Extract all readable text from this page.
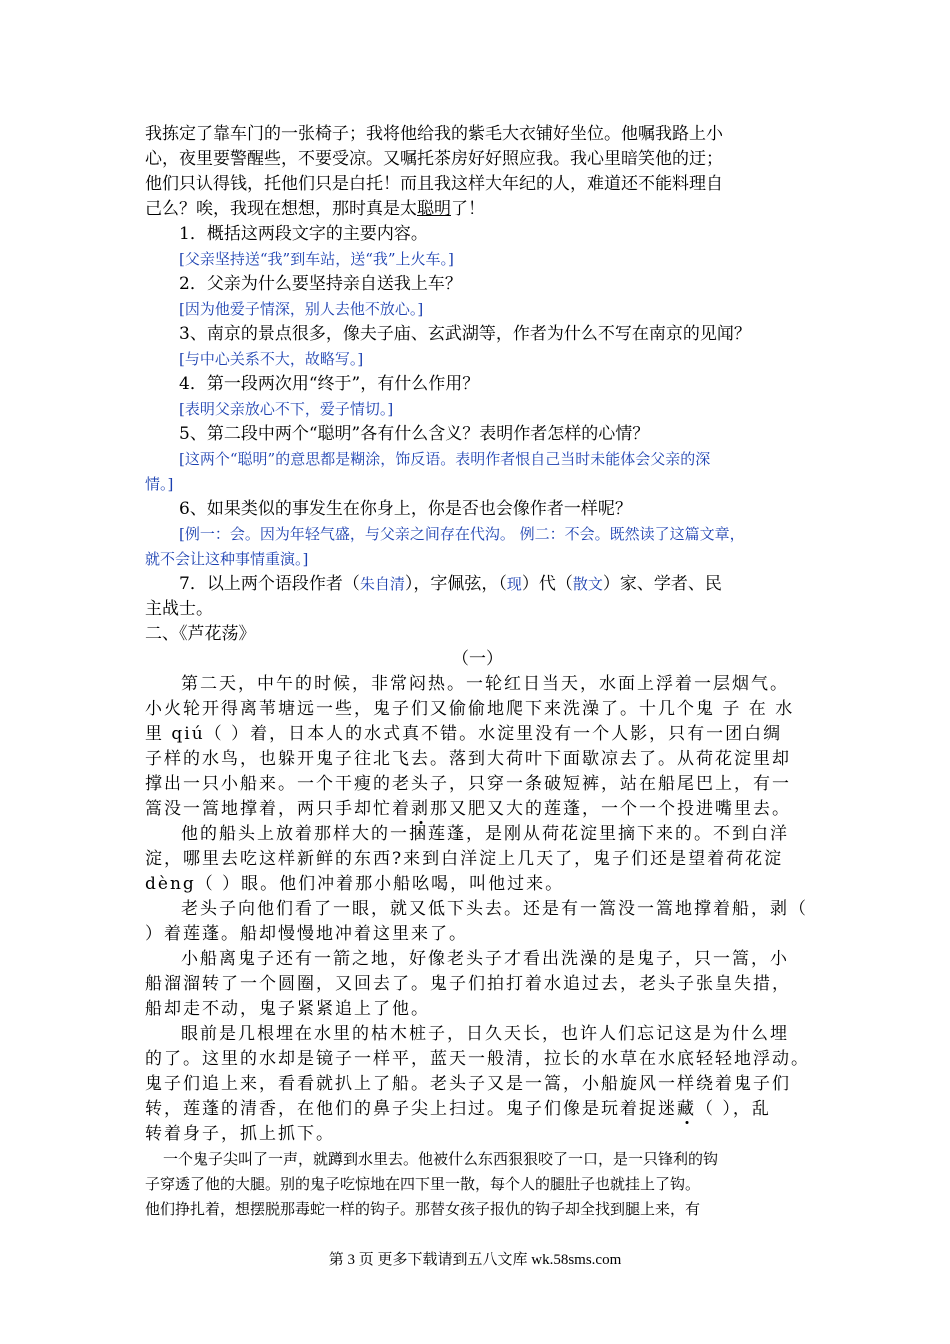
我拣定了靠车门的一张椅子；我将他给我的紫毛大衣铺好坐位。他嘱我路上小
心，夜里要警醒些，不要受凉。又嘱托茶房好好照应我。我心里暗笑他的迂；
他们只认得钱，托他们只是白托！而且我这样大年纪的人，难道还不能料理自
己么？唉，我现在想想，那时真是太聪明了！
1．概括这两段文字的主要内容。
[父亲坚持送“我”到车站，送“我”上火车。]
2．父亲为什么要坚持亲自送我上车？
[因为他爱子情深，别人去他不放心。]
3、南京的景点很多，像夫子庙、玄武湖等，作者为什么不写在南京的见闻？
[与中心关系不大，故略写。]
4．第一段两次用“终于”，有什么作用？
[表明父亲放心不下，爱子情切。]
5、第二段中两个“聪明”各有什么含义？表明作者怎样的心情？
[这两个“聪明”的意思都是糊涂，饰反语。表明作者恨自己当时未能体会父亲的深
情。]
6、如果类似的事发生在你身上，你是否也会像作者一样呢？
[例一：会。因为年轻气盛，与父亲之间存在代沟。 例二：不会。既然读了这篇文章，
就不会让这种事情重演。]
7．以上两个语段作者（朱自清），字佩弦，（现）代（散文）家、学者、民
主战士。
二、《芦花荡》
（一）
第二天，中午的时候，非常闷热。一轮红日当天，水面上浮着一层烟气。
小火轮开得离苇塘远一些，鬼子们又偷偷地爬下来洗澡了。十几个鬼 子 在 水
里 qiú（ ）着，日本人的水式真不错。水淀里没有一个人影，只有一团白绸
子样的水鸟，也躲开鬼子往北飞去。落到大荷叶下面歇凉去了。从荷花淀里却
撑出一只小船来。一个干瘦的老头子，只穿一条破短裤，站在船尾巴上，有一
篙没一篙地撑着，两只手却忙着剥那又肥又大的莲蓬，一个一个投进嘴里去。
他的船头上放着那样大的一捆莲蓬，是刚从荷花淀里摘下来的。不到白洋
淀，哪里去吃这样新鲜的东西?来到白洋淀上几天了，鬼子们还是望着荷花淀
dèng（ ）眼。他们冲着那小船吆喝，叫他过来。
老头子向他们看了一眼，就又低下头去。还是有一篙没一篙地撑着船，剥（
）着莲蓬。船却慢慢地冲着这里来了。
小船离鬼子还有一箭之地，好像老头子才看出洗澡的是鬼子，只一篙，小
船溜溜转了一个圆圈，又回去了。鬼子们拍打着水追过去，老头子张皇失措，
船却走不动，鬼子紧紧追上了他。
眼前是几根埋在水里的枯木桩子，日久天长，也许人们忘记这是为什么埋
的了。这里的水却是镜子一样平，蓝天一般清，拉长的水草在水底轻轻地浮动。
鬼子们追上来，看看就扒上了船。老头子又是一篙，小船旋风一样绕着鬼子们
转，莲蓬的清香，在他们的鼻子尖上扫过。鬼子们像是玩着捉迷藏（ ），乱
转着身子，抓上抓下。
一个鬼子尖叫了一声，就蹲到水里去。他被什么东西狠狠咬了一口，是一只锋利的钩
子穿透了他的大腿。别的鬼子吃惊地在四下里一散，每个人的腿肚子也就挂上了钩。
他们挣扎着，想摆脱那毒蛇一样的钩子。那替女孩子报仇的钩子却全找到腿上来，有
第 3 页 更多下载请到五八文库 wk.58sms.com
